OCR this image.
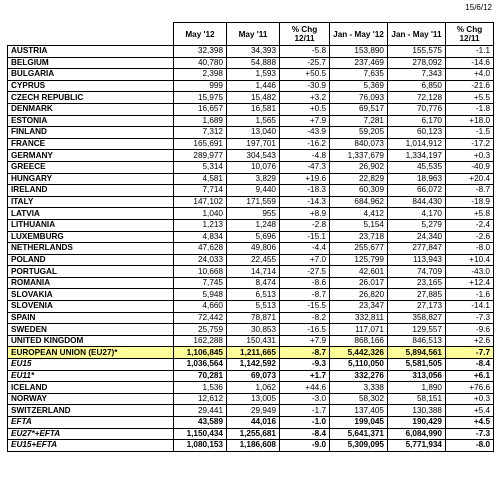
15/6/12
	May '12	May '11	% Chg 12/11	Jan - May '12	Jan - May '11	% Chg 12/11
AUSTRIA	32,398	34,393	-5.8	153,890	155,575	-1.1
BELGIUM	40,780	54,888	-25.7	237,469	278,092	-14.6
BULGARIA	2,398	1,593	+50.5	7,635	7,343	+4.0
CYPRUS	999	1,446	-30.9	5,369	6,850	-21.6
CZECH REPUBLIC	15,975	15,482	+3.2	76,093	72,128	+5.5
DENMARK	16,657	16,581	+0.5	69,517	70,776	-1.8
ESTONIA	1,689	1,565	+7.9	7,281	6,170	+18.0
FINLAND	7,312	13,040	-43.9	59,205	60,123	-1.5
FRANCE	165,691	197,701	-16.2	840,073	1,014,912	-17.2
GERMANY	289,977	304,543	-4.8	1,337,679	1,334,197	+0.3
GREECE	5,314	10,076	-47.3	26,902	45,535	-40.9
HUNGARY	4,581	3,829	+19.6	22,829	18,963	+20.4
IRELAND	7,714	9,440	-18.3	60,309	66,072	-8.7
ITALY	147,102	171,559	-14.3	684,962	844,430	-18.9
LATVIA	1,040	955	+8.9	4,412	4,170	+5.8
LITHUANIA	1,213	1,248	-2.8	5,154	5,279	-2.4
LUXEMBURG	4,834	5,696	-15.1	23,718	24,340	-2.6
NETHERLANDS	47,628	49,806	-4.4	255,677	277,847	-8.0
POLAND	24,033	22,455	+7.0	125,799	113,943	+10.4
PORTUGAL	10,668	14,714	-27.5	42,601	74,709	-43.0
ROMANIA	7,745	8,474	-8.6	26,017	23,165	+12.4
SLOVAKIA	5,948	6,513	-8.7	26,820	27,885	-1.6
SLOVENIA	4,660	5,513	-15.5	23,347	27,173	-14.1
SPAIN	72,442	78,871	-8.2	332,811	358,827	-7.3
SWEDEN	25,759	30,853	-16.5	117,071	129,557	-9.6
UNITED KINGDOM	162,288	150,431	+7.9	868,166	846,513	+2.6
EUROPEAN UNION (EU27)*	1,106,845	1,211,665	-8.7	5,442,326	5,894,561	-7.7
EU15	1,036,564	1,142,592	-9.3	5,110,050	5,581,505	-8.4
EU11*	70,281	69,073	+1.7	332,276	313,056	+6.1
ICELAND	1,536	1,062	+44.6	3,338	1,890	+76.6
NORWAY	12,612	13,005	-3.0	58,302	58,151	+0.3
SWITZERLAND	29,441	29,949	-1.7	137,405	130,388	+5.4
EFTA	43,589	44,016	-1.0	199,045	190,429	+4.5
EU27*+EFTA	1,150,434	1,255,681	-8.4	5,641,371	6,084,990	-7.3
EU15+EFTA	1,080,153	1,186,608	-9.0	5,309,095	5,771,934	-8.0
